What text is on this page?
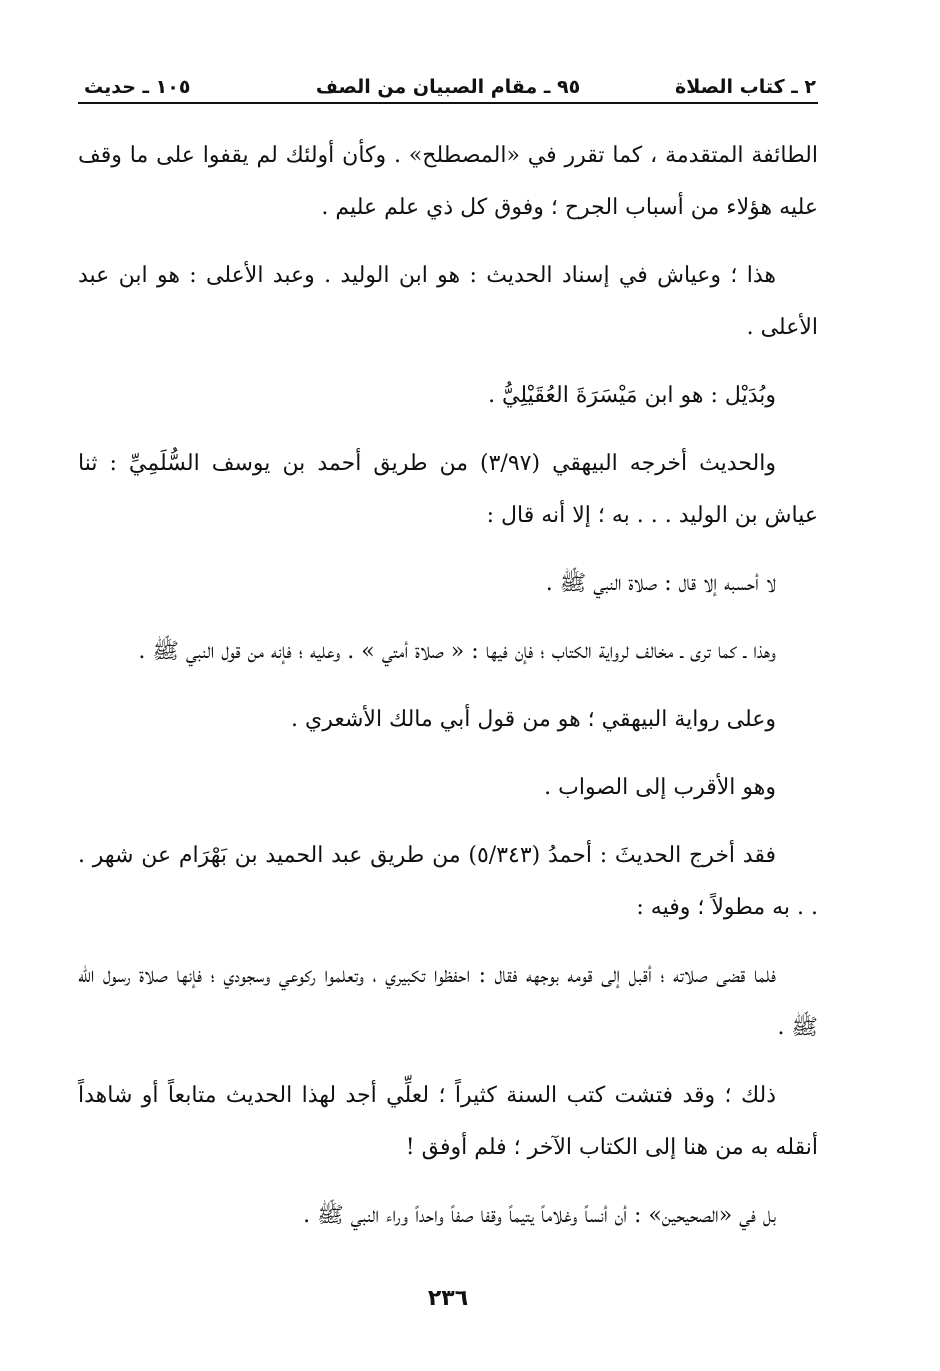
٢ ـ كتاب الصلاة
٩٥ ـ مقام الصبيان من الصف
١٠٥ ـ حديث

الطائفة المتقدمة ، كما تقرر في «المصطلح» . وكأن أولئك لم يقفوا على ما وقف عليه هؤلاء من أسباب الجرح ؛ وفوق كل ذي علم عليم .

هذا ؛ وعياش في إسناد الحديث : هو ابن الوليد . وعبد الأعلى : هو ابن عبد الأعلى .

وبُدَيْل : هو ابن مَيْسَرَةَ العُقَيْلِيُّ .

والحديث أخرجه البيهقي (٣/٩٧) من طريق أحمد بن يوسف السُّلَمِيِّ : ثنا عياش بن الوليد . . . به ؛ إلا أنه قال :

لا أحسبه إلا قال : صلاة النبي ﷺ .

وهذا ـ كما ترى ـ مخالف لرواية الكتاب ؛ فإن فيها : « صلاة أمتي » . وعليه ؛ فإنه من قول النبي ﷺ .

وعلى رواية البيهقي ؛ هو من قول أبي مالك الأشعري .

وهو الأقرب إلى الصواب .

فقد أخرج الحديثَ : أحمدُ (٥/٣٤٣) من طريق عبد الحميد بن بَهْرَام عن شهر . . . به مطولاً ؛ وفيه :

فلما قضى صلاته ؛ أقبل إلى قومه بوجهه فقال : احفظوا تكبيري ، وتعلموا ركوعي وسجودي ؛ فإنها صلاة رسول الله ﷺ .

ذلك ؛ وقد فتشت كتب السنة كثيراً ؛ لعلِّي أجد لهذا الحديث متابعاً أو شاهداً أنقله به من هنا إلى الكتاب الآخر ؛ فلم أوفق !

بل في «الصحيحين» : أن أنساً وغلاماً يتيماً وقفا صفاً واحداً وراء النبي ﷺ .

٢٣٦
